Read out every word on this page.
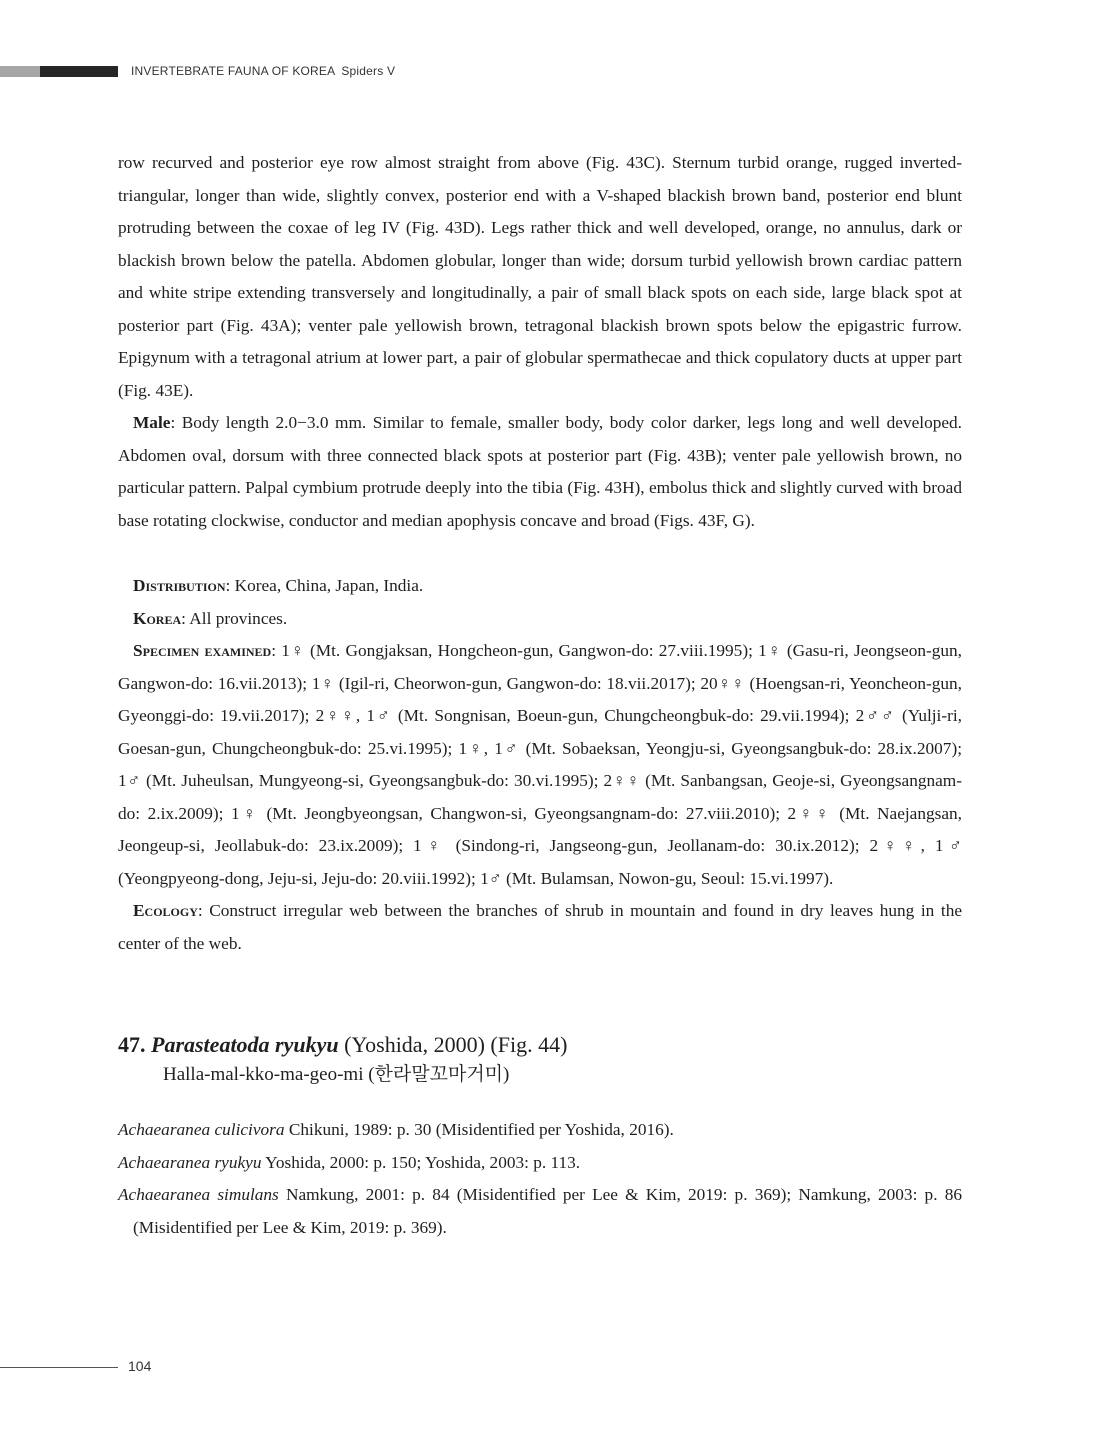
INVERTEBRATE FAUNA OF KOREA Spiders V

row recurved and posterior eye row almost straight from above (Fig. 43C). Sternum turbid orange, rugged inverted-triangular, longer than wide, slightly convex, posterior end with a V-shaped blackish brown band, posterior end blunt protruding between the coxae of leg IV (Fig. 43D). Legs rather thick and well developed, orange, no annulus, dark or blackish brown below the patella. Abdomen globular, longer than wide; dorsum turbid yellowish brown cardiac pattern and white stripe extending transversely and longitudinally, a pair of small black spots on each side, large black spot at posterior part (Fig. 43A); venter pale yellowish brown, tetragonal blackish brown spots below the epigastric furrow. Epigynum with a tetragonal atrium at lower part, a pair of globular spermathecae and thick copulatory ducts at upper part (Fig. 43E).

Male: Body length 2.0−3.0 mm. Similar to female, smaller body, body color darker, legs long and well developed. Abdomen oval, dorsum with three connected black spots at posterior part (Fig. 43B); venter pale yellowish brown, no particular pattern. Palpal cymbium protrude deeply into the tibia (Fig. 43H), embolus thick and slightly curved with broad base rotating clockwise, conductor and median apophysis concave and broad (Figs. 43F, G).

Distribution: Korea, China, Japan, India.

Korea: All provinces.

Specimen examined: 1♀ (Mt. Gongjaksan, Hongcheon-gun, Gangwon-do: 27.viii.1995); 1♀ (Gasu-ri, Jeongseon-gun, Gangwon-do: 16.vii.2013); 1♀ (Igil-ri, Cheorwon-gun, Gangwon-do: 18.vii.2017); 20♀♀ (Hoengsan-ri, Yeoncheon-gun, Gyeonggi-do: 19.vii.2017); 2♀♀, 1♂ (Mt. Songnisan, Boeun-gun, Chungcheongbuk-do: 29.vii.1994); 2♂♂ (Yulji-ri, Goesan-gun, Chungcheongbuk-do: 25.vi.1995); 1♀, 1♂ (Mt. Sobaeksan, Yeongju-si, Gyeongsangbuk-do: 28.ix.2007); 1♂ (Mt. Juheulsan, Mungyeong-si, Gyeongsangbuk-do: 30.vi.1995); 2♀♀ (Mt. Sanbangsan, Geoje-si, Gyeongsangnam-do: 2.ix.2009); 1♀ (Mt. Jeongbyeongsan, Changwon-si, Gyeongsangnam-do: 27.viii.2010); 2♀♀ (Mt. Naejangsan, Jeongeup-si, Jeollabuk-do: 23.ix.2009); 1♀ (Sindong-ri, Jangseong-gun, Jeollanam-do: 30.ix.2012); 2♀♀, 1♂ (Yeongpyeong-dong, Jeju-si, Jeju-do: 20.viii.1992); 1♂ (Mt. Bulamsan, Nowon-gu, Seoul: 15.vi.1997).

Ecology: Construct irregular web between the branches of shrub in mountain and found in dry leaves hung in the center of the web.

47. Parasteatoda ryukyu (Yoshida, 2000) (Fig. 44)
Halla-mal-kko-ma-geo-mi (한라말꼬마거미)

Achaearanea culicivora Chikuni, 1989: p. 30 (Misidentified per Yoshida, 2016).

Achaearanea ryukyu Yoshida, 2000: p. 150; Yoshida, 2003: p. 113.

Achaearanea simulans Namkung, 2001: p. 84 (Misidentified per Lee & Kim, 2019: p. 369); Namkung, 2003: p. 86 (Misidentified per Lee & Kim, 2019: p. 369).

104
